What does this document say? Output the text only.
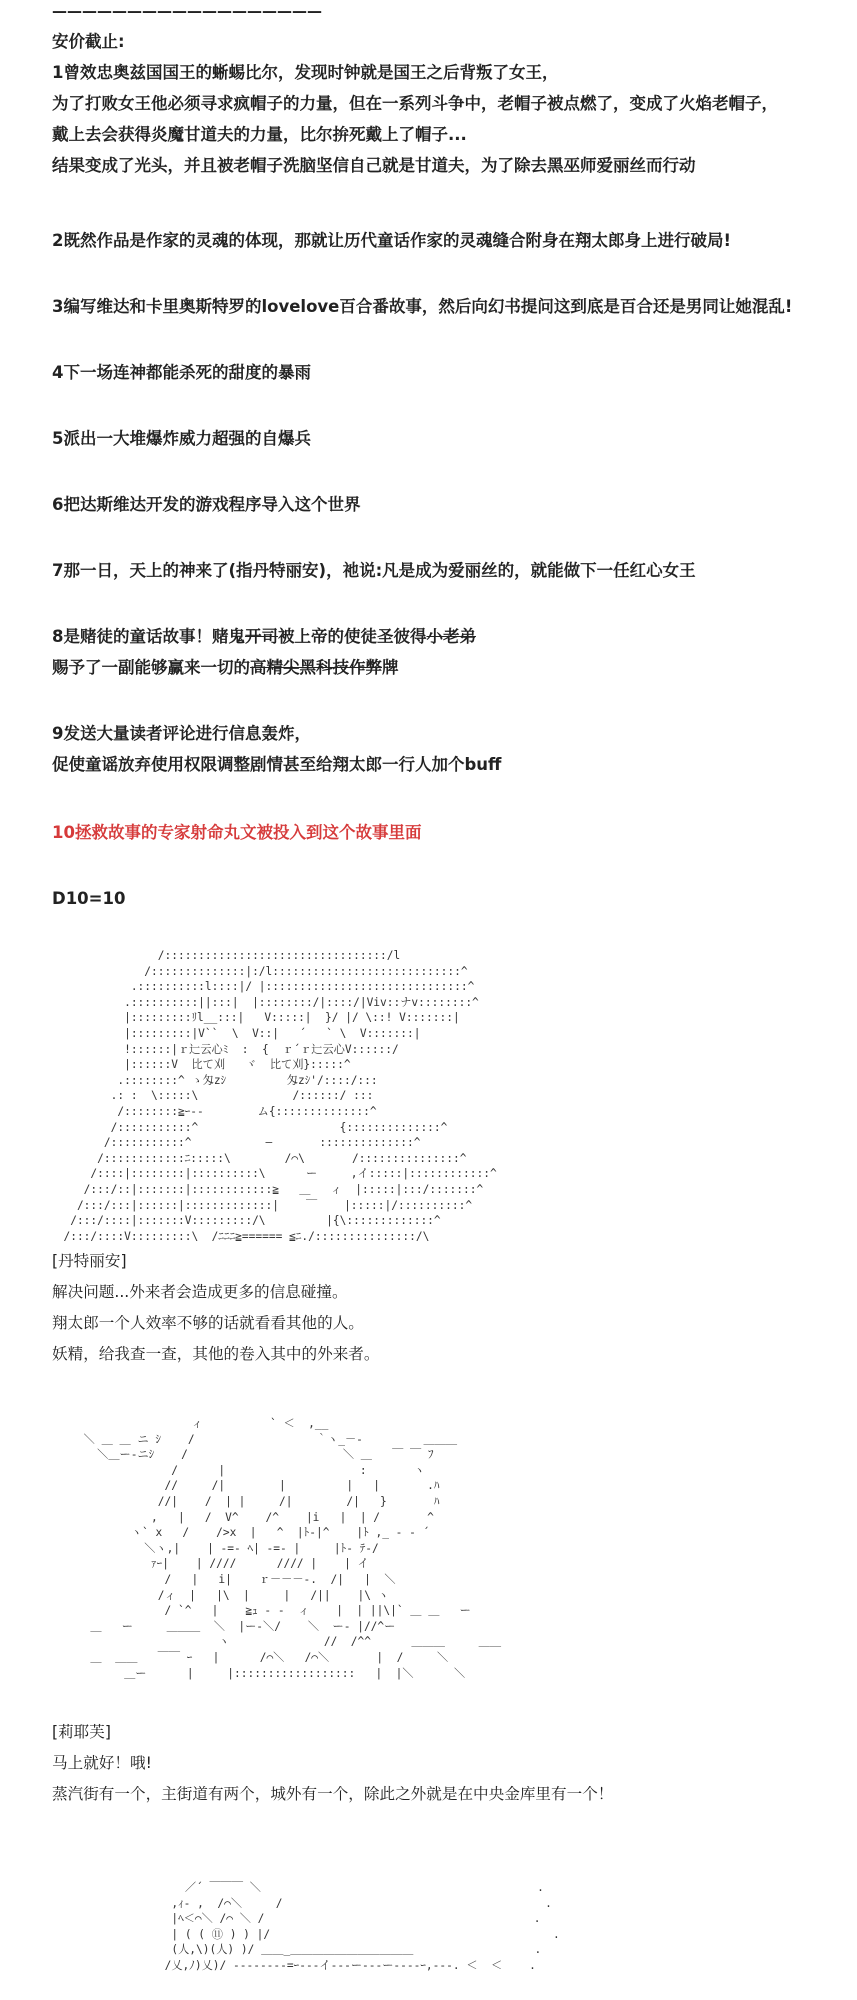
——————————————————
安价截止:
1曾效忠奥兹国国王的蜥蜴比尔，发现时钟就是国王之后背叛了女王，
为了打败女王他必须寻求疯帽子的力量，但在一系列斗争中，老帽子被点燃了，变成了火焰老帽子，
戴上去会获得炎魔甘道夫的力量，比尔拚死戴上了帽子...
结果变成了光头，并且被老帽子洗脑坚信自己就是甘道夫，为了除去黑巫师爱丽丝而行动
2既然作品是作家的灵魂的体现，那就让历代童话作家的灵魂缝合附身在翔太郎身上进行破局!
3编写维达和卡里奥斯特罗的lovelove百合番故事，然后向幻书提问这到底是百合还是男同让她混乱!
4下一场连神都能杀死的甜度的暴雨
5派出一大堆爆炸威力超强的自爆兵
6把达斯维达开发的游戏程序导入这个世界
7那一日，天上的神来了(指丹特丽安)，祂说:凡是成为爱丽丝的，就能做下一任红心女王
8是赌徒的童话故事！赌鬼开司被上帝的使徒圣彼得小老弟
赐予了一副能够赢来一切的高精尖黑科技作弊牌
9发送大量读者评论进行信息轰炸，
促使童谣放弃使用权限调整剧情甚至给翔太郎一行人加个buff
10拯救故事的专家射命丸文被投入到这个故事里面
D10=10
/:::::::::::::::::::::::::::::::::/l
/::::::::::::::|:/l::::::::::::::::::::::::::::^
.::::::::::l::::|/ |::::::::::::::::::::::::::::::^
.::::::::::||:::|  |::::::::/|::::/|Viv::ナv::::::::^
|:::::::::ﾘl__:::|   V:::::|  }/ |/ \::! V:::::::|
|:::::::::|V``  \  V::|   ´   ` \  V:::::::|
!::::::|ｒ辷云心ﾐ  :  {  ｒ´ｒ辷云心V::::::/
|::::::V  比て刈   ヾ  比て刈}:::::^
.::::::::^ ゝ匁zｼ         匁zｼ'/::::/:::
.: :  \:::::\              /::::::/ :::
/::::::::≧ｰ-‐        ム{::::::::::::::^
/:::::::::::^                     {::::::::::::::^
/:::::::::::^           ―       ::::::::::::::^
/::::::::::::ﾆ:::::\        /⌒\       /:::::::::::::::^
/::::|::::::::|::::::::::\      ー     ,イ:::::|::::::::::::^
/:::/::|:::::::|::::::::::::≧   ＿   ィ  |:::::|:::/:::::::^
/:::/:::|::::::|:::::::::::::|    ￣    |:::::|/::::::::::^
/:::/::::|:::::::V:::::::::/\         |{\:::::::::::::^
/:::/::::V:::::::::\  /ﾆﾆﾆ≧====== ≦ﾆ./:::::::::::::::/\
[丹特丽安]
解决问题...外来者会造成更多的信息碰撞。
翔太郎一个人效率不够的话就看看其他的人。
妖精，给我查一查，其他的卷入其中的外来者。
ィ          ` ＜  ,__
＼ ＿ ＿ ニ ｼ    /                  ｀ヽ_－‐         ＿＿＿
＼＿ー-ニｼ    /                       ＼ ＿   ￣ ￣ ﾌ
/      |                    :       ヽ
//     /|        |         |   |       .ﾊ
//|    /  | |     /|        /|   }       ﾊ
,   |   /  V^    /^    |i   |  | /       ^
ヽ` x   /    />x  |   ^  |ﾄ-|^    |ﾄ ,_ ‐ ‐ ´
＼ヽ,|    | -=- ﾍ| -=- |     |ﾄ- ﾃ-/
ｧｰ|    | ////      //// |    | イ
/   |   i|    ｒ－－－‐.  /|   |  ＼
/ィ  |   |\  |     |   /||    |\ ヽ
/ `^   |    ≧ｭ ‐ ‐  ィ    |  | ||\|` ＿ ＿   ー
＿   ー     ＿＿＿  ＼  |ー-＼/    ＼  ー- |//^ー
ヽ              //  /^^      ＿＿＿     ＿＿
＿  ＿＿   ￣￣ ｰ   |      /⌒＼   /⌒＼       |  /     ＼
＿ー      |     |::::::::::::::::::   |  |＼      ＼
[莉耶芙]
马上就好！哦!
蒸汽街有一个，主街道有两个，城外有一个，除此之外就是在中央金库里有一个！
／´ ￣￣￣ ＼                                         .
,ｨ‐ ,  /⌒＼     /                                       .
|ﾍ＜⌒＼ /⌒ ＼ /                                        .
| ( ( ⑪ ) ) |/                                          .
(人,\)(人) )/ ＿＿_＿＿＿＿＿＿＿＿＿＿＿                  .
/乂,ﾉ)乂)/ -‐‐‐----=ｰ-‐-イ-‐-ー-‐-ー‐---ｰ,‐-‐. ＜  ＜    .
